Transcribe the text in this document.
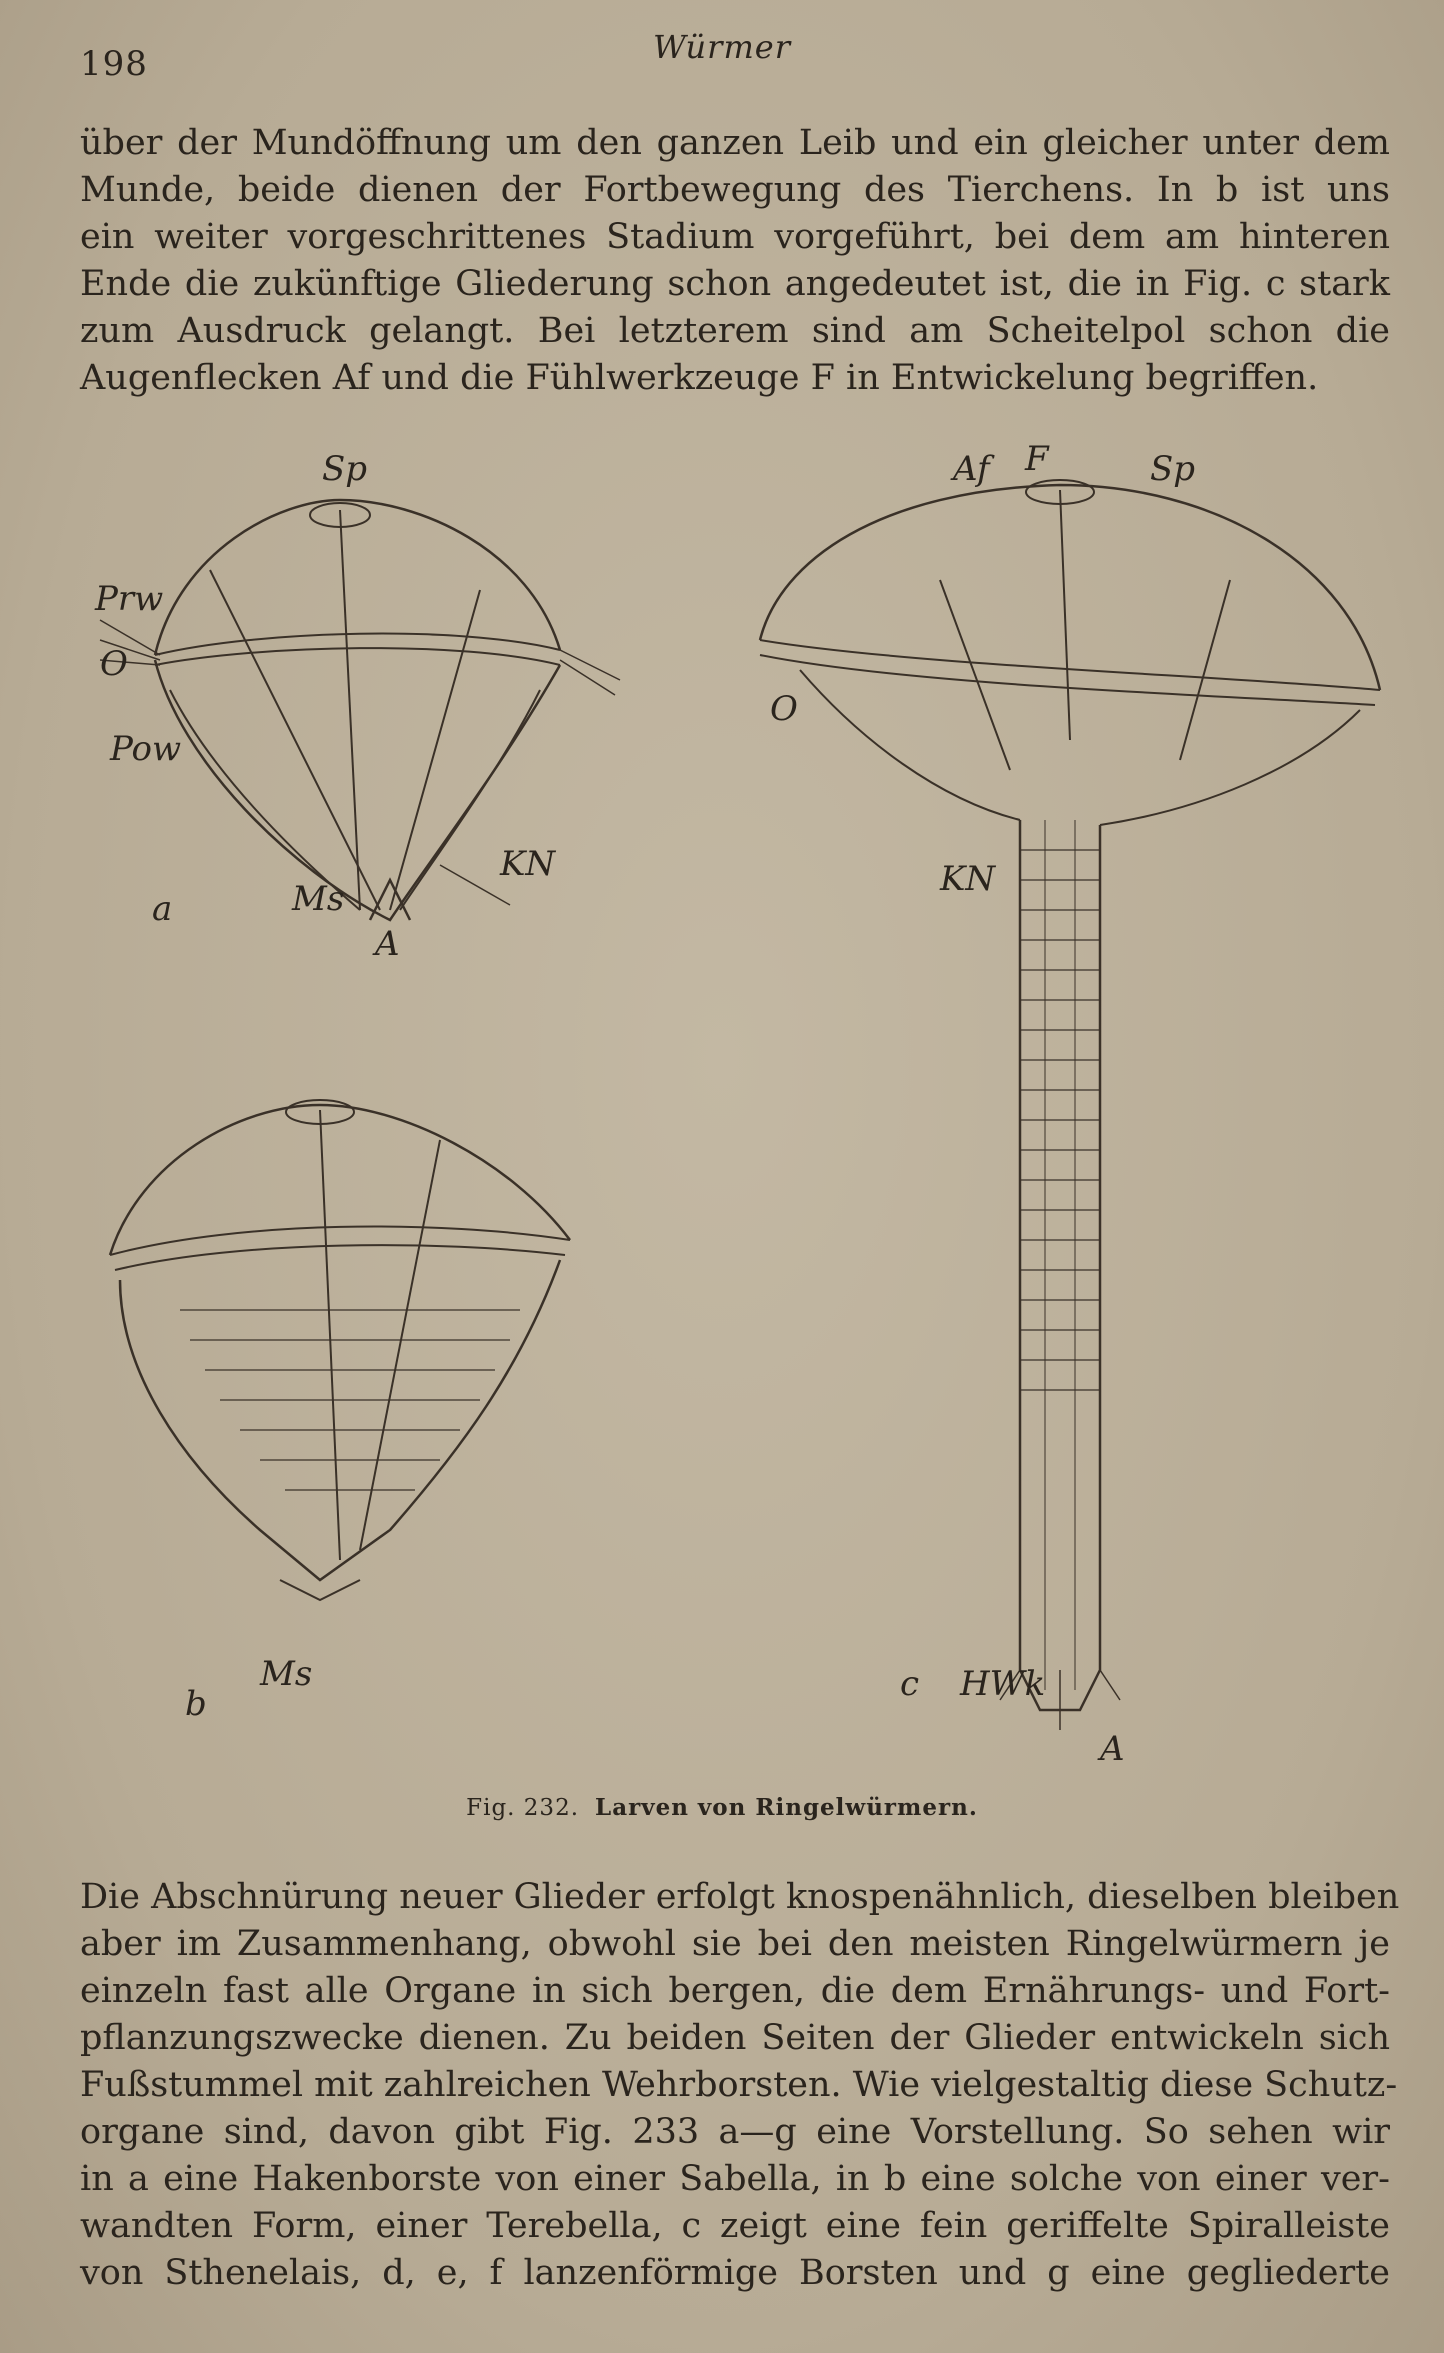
198	Würmer
über der Mundöffnung um den ganzen Leib und ein gleicher unter dem
Munde, beide dienen der Fortbewegung des Tierchens. In b ist uns
ein weiter vorgeschrittenes Stadium vorgeführt, bei dem am hinteren
Ende die zukünftige Gliederung schon angedeutet ist, die in Fig. c stark
zum Ausdruck gelangt. Bei letzterem sind am Scheitelpol schon die
Augenflecken Af und die Fühlwerkzeuge F in Entwickelung begriffen.
Sp
Prw
O
Pow
KN
Ms
A
a
Ms
b
Af F	Sp
O
KN
HWk
A
c
Fig. 232. Larven von Ringelwürmern.
Die Abschnürung neuer Glieder erfolgt knospenähnlich, dieselben bleiben
aber im Zusammenhang, obwohl sie bei den meisten Ringelwürmern je
einzeln fast alle Organe in sich bergen, die dem Ernährungs- und Fort-
pflanzungszwecke dienen. Zu beiden Seiten der Glieder entwickeln sich
Fußstummel mit zahlreichen Wehrborsten. Wie vielgestaltig diese Schutz-
organe sind, davon gibt Fig. 233 a—g eine Vorstellung. So sehen wir
in a eine Hakenborste von einer Sabella, in b eine solche von einer ver-
wandten Form, einer Terebella, c zeigt eine fein geriffelte Spiralleiste
von Sthenelais, d, e, f lanzenförmige Borsten und g eine gegliederte
